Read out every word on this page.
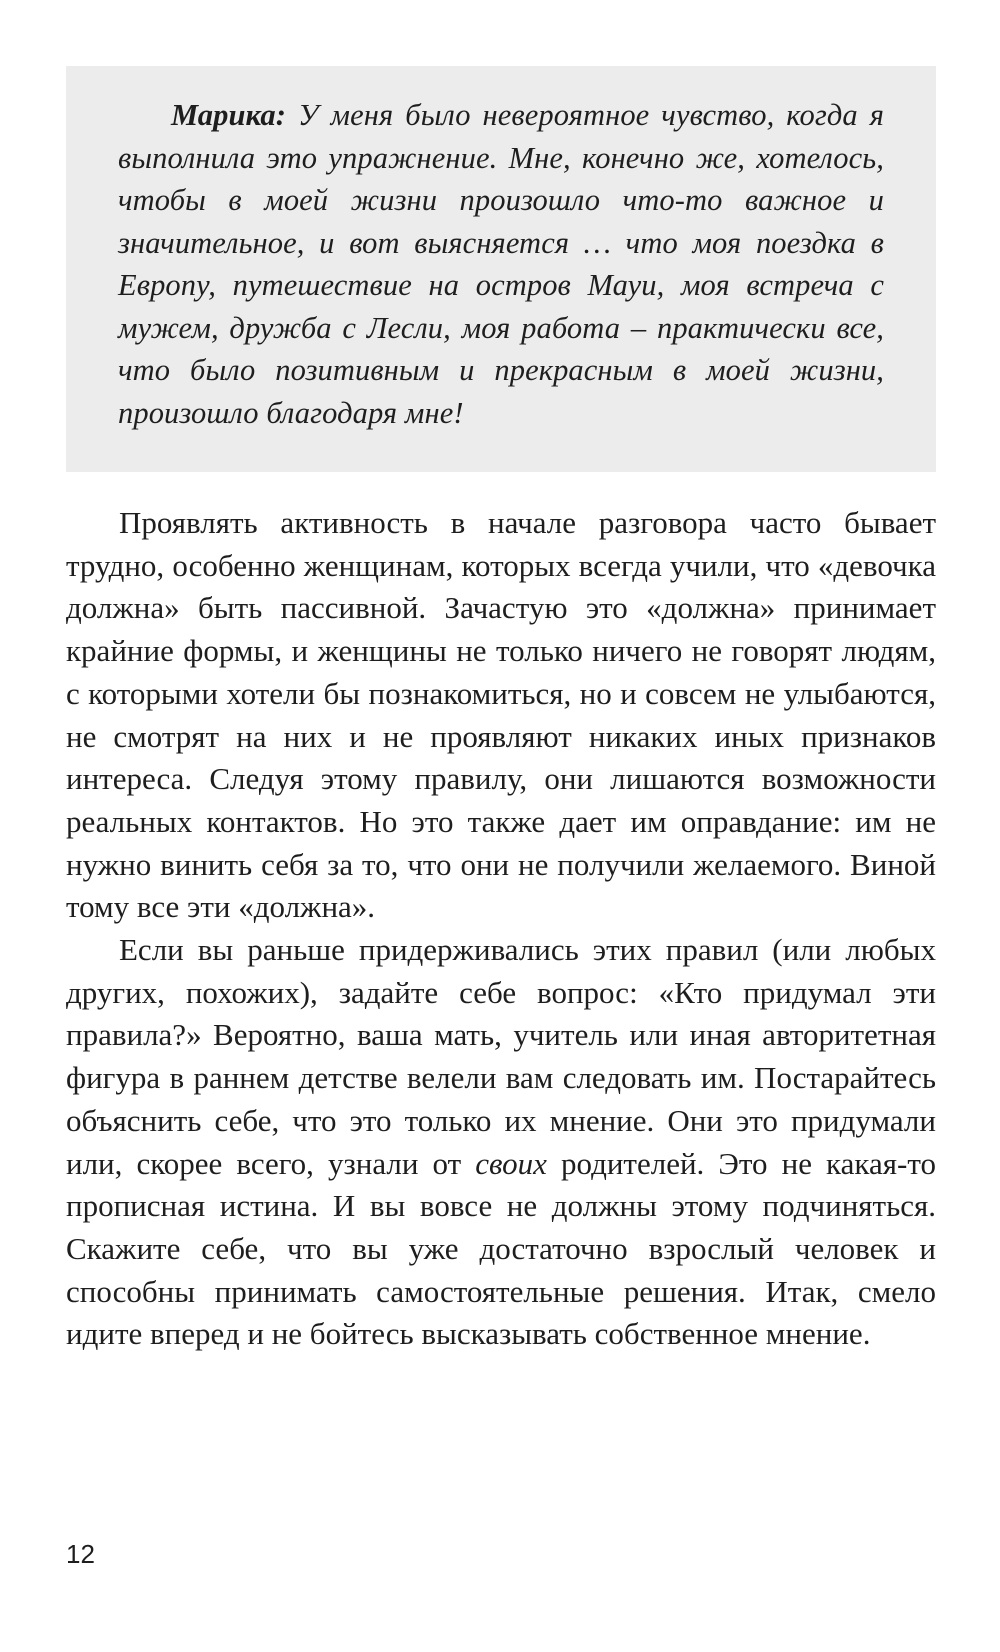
Марика: У меня было невероятное чувство, когда я выполнила это упражнение. Мне, конечно же, хотелось, чтобы в моей жизни произошло что-то важное и значительное, и вот выясняется … что моя поездка в Европу, путешествие на остров Мауи, моя встреча с мужем, дружба с Лесли, моя работа – практически все, что было позитивным и прекрасным в моей жизни, произошло благодаря мне!

Проявлять активность в начале разговора часто бывает трудно, особенно женщинам, которых всегда учили, что «девочка должна» быть пассивной. Зачастую это «должна» принимает крайние формы, и женщины не только ничего не говорят людям, с которыми хотели бы познакомиться, но и совсем не улыбаются, не смотрят на них и не проявляют никаких иных признаков интереса. Следуя этому правилу, они лишаются возможности реальных контактов. Но это также дает им оправдание: им не нужно винить себя за то, что они не получили желаемого. Виной тому все эти «должна».

Если вы раньше придерживались этих правил (или любых других, похожих), задайте себе вопрос: «Кто придумал эти правила?» Вероятно, ваша мать, учитель или иная авторитетная фигура в раннем детстве велели вам следовать им. Постарайтесь объяснить себе, что это только их мнение. Они это придумали или, скорее всего, узнали от своих родителей. Это не какая-то прописная истина. И вы вовсе не должны этому подчиняться. Скажите себе, что вы уже достаточно взрослый человек и способны принимать самостоятельные решения. Итак, смело идите вперед и не бойтесь высказывать собственное мнение.

12
